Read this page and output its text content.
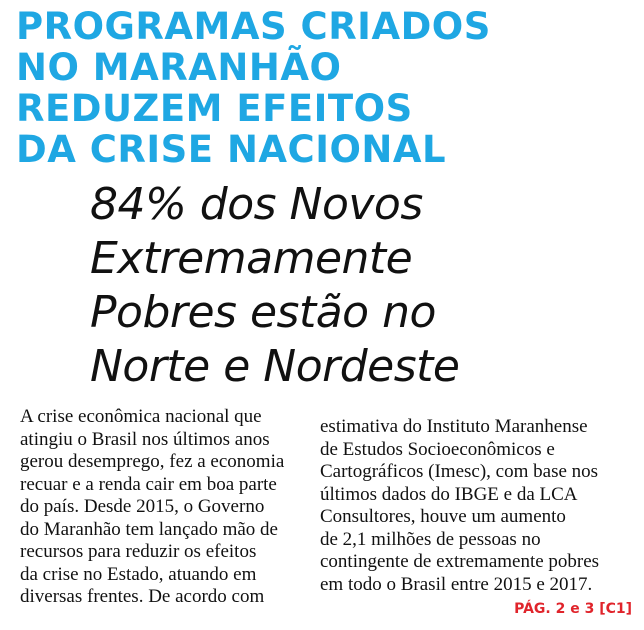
PROGRAMAS CRIADOS
NO MARANHÃO
REDUZEM EFEITOS
DA CRISE NACIONAL
84% dos Novos
Extremamente
Pobres estão no
Norte e Nordeste
A crise econômica nacional que
atingiu o Brasil nos últimos anos
gerou desemprego, fez a economia
recuar e a renda cair em boa parte
do país. Desde 2015, o Governo
do Maranhão tem lançado mão de
recursos para reduzir os efeitos
da crise no Estado, atuando em
diversas frentes. De acordo com
estimativa do Instituto Maranhense
de Estudos Socioeconômicos e
Cartográficos (Imesc), com base nos
últimos dados do IBGE e da LCA
Consultores, houve um aumento
de 2,1 milhões de pessoas no
contingente de extremamente pobres
em todo o Brasil entre 2015 e 2017.
PÁG. 2 e 3 [C1]
